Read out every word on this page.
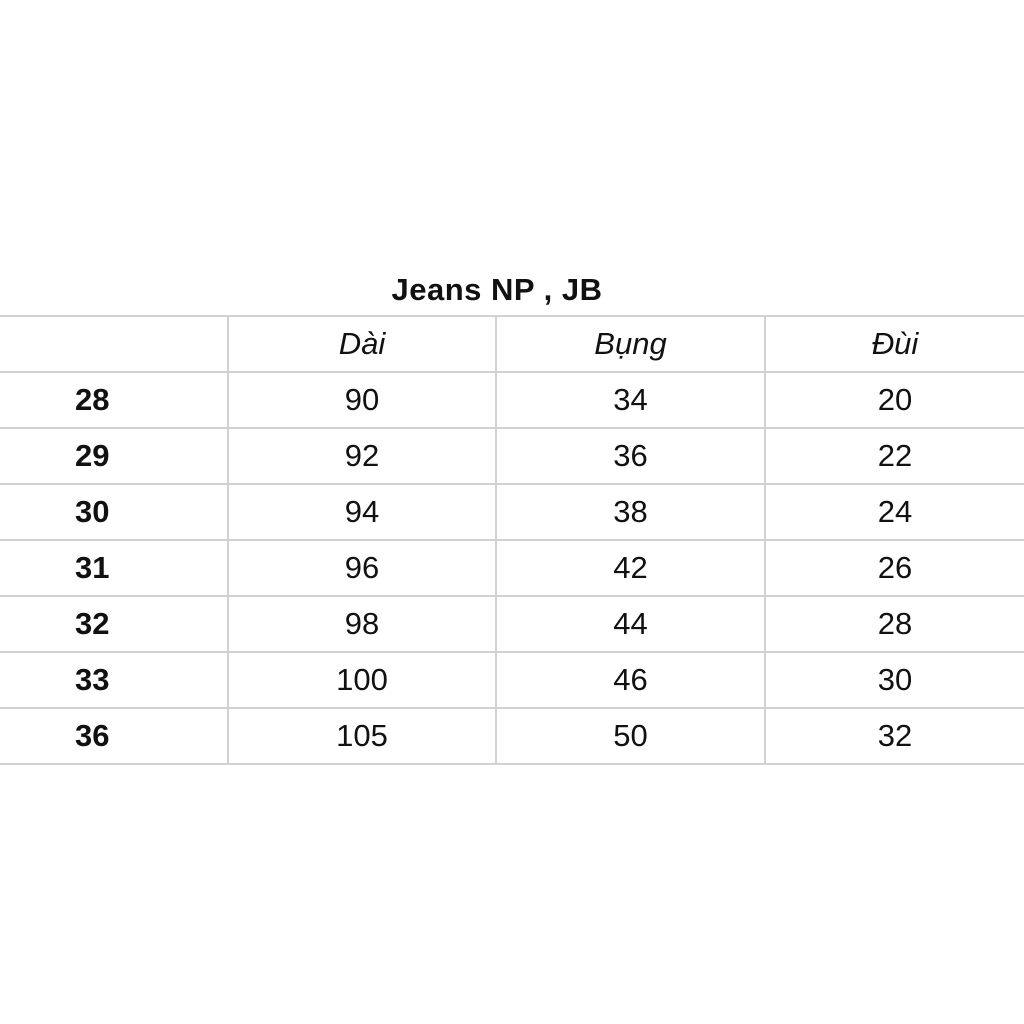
Jeans NP , JB
	Dài	Bụng	Đùi
28	90	34	20
29	92	36	22
30	94	38	24
31	96	42	26
32	98	44	28
33	100	46	30
36	105	50	32
